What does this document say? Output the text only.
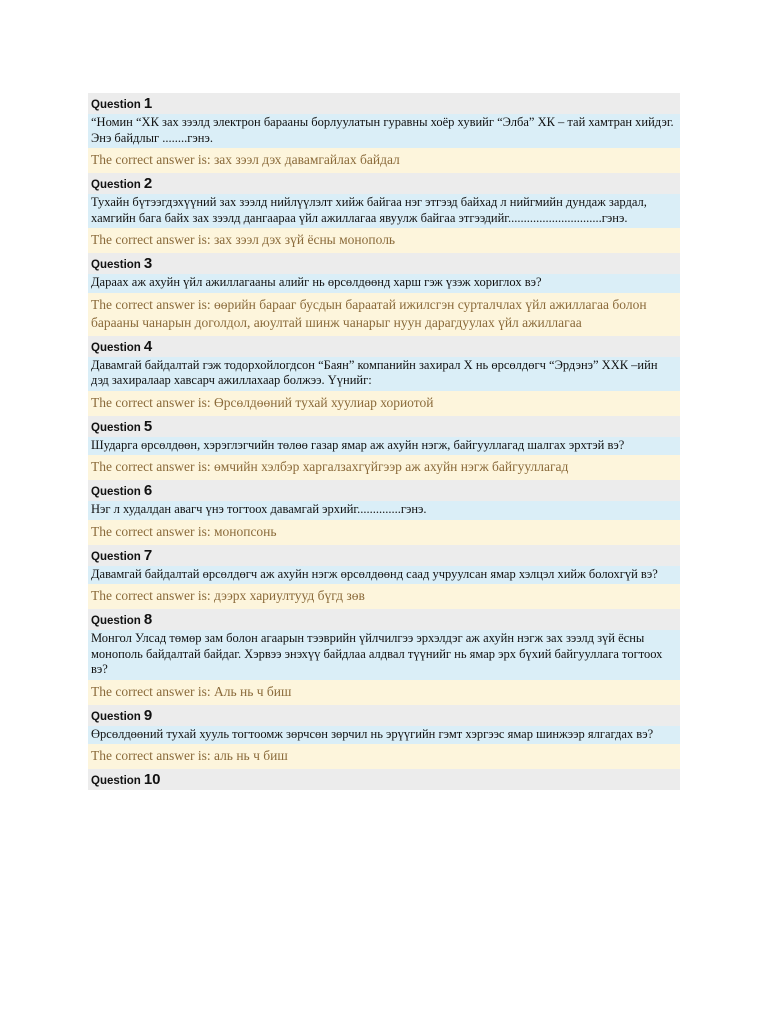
Question 1
“Номин “ХК зах зээлд электрон барааны борлуулатын гуравны хоёр хувийг “Элба” ХК – тай хамтран хийдэг. Энэ байдлыг ........гэнэ.
The correct answer is: зах зээл дэх давамгайлах байдал
Question 2
Тухайн бүтээгдэхүүний зах зээлд нийлүүлэлт хийж байгаа нэг этгээд байхад л нийгмийн дундаж зардал, хамгийн бага байх зах зээлд дангаараа үйл ажиллагаа явуулж байгаа этгээдийг..............................гэнэ.
The correct answer is: зах зээл дэх зүй ёсны монополь
Question 3
Дараах аж ахуйн үйл ажиллагааны алийг нь өрсөлдөөнд харш гэж үзэж хориглох вэ?
The correct answer is: өөрийн барааг бусдын бараатай ижилсгэн сурталчлах үйл ажиллагаа болон барааны чанарын доголдол, аюултай шинж чанарыг нуун дарагдуулах үйл ажиллагаа
Question 4
Давамгай байдалтай гэж тодорхойлогдсон “Баян” компанийн захирал Х нь өрсөлдөгч “Эрдэнэ” ХХК –ийн дэд захиралаар хавсарч ажиллахаар болжээ. Үүнийг:
The correct answer is: Өрсөлдөөний тухай хуулиар хориотой
Question 5
Шударга өрсөлдөөн, хэрэглэгчийн төлөө газар ямар аж ахуйн нэгж, байгууллагад шалгах эрхтэй вэ?
The correct answer is: өмчийн хэлбэр харгалзахгүйгээр аж ахуйн нэгж байгууллагад
Question 6
Нэг л худалдан авагч үнэ тогтоох давамгай эрхийг..............гэнэ.
The correct answer is: монопсонь
Question 7
Давамгай байдалтай өрсөлдөгч аж ахуйн нэгж өрсөлдөөнд саад учруулсан ямар хэлцэл хийж болохгүй вэ?
The correct answer is: дээрх хариултууд бүгд зөв
Question 8
Монгол Улсад төмөр зам болон агаарын тээврийн үйлчилгээ эрхэлдэг аж ахуйн нэгж зах зээлд зүй ёсны монополь байдалтай байдаг. Хэрвээ энэхүү байдлаа алдвал түүнийг нь ямар эрх бүхий байгууллага тогтоох вэ?
The correct answer is: Аль нь ч биш
Question 9
Өрсөлдөөний тухай хууль тогтоомж зөрчсөн зөрчил нь эрүүгийн гэмт хэргээс ямар шинжээр ялгагдах вэ?
The correct answer is: аль нь ч биш
Question 10
